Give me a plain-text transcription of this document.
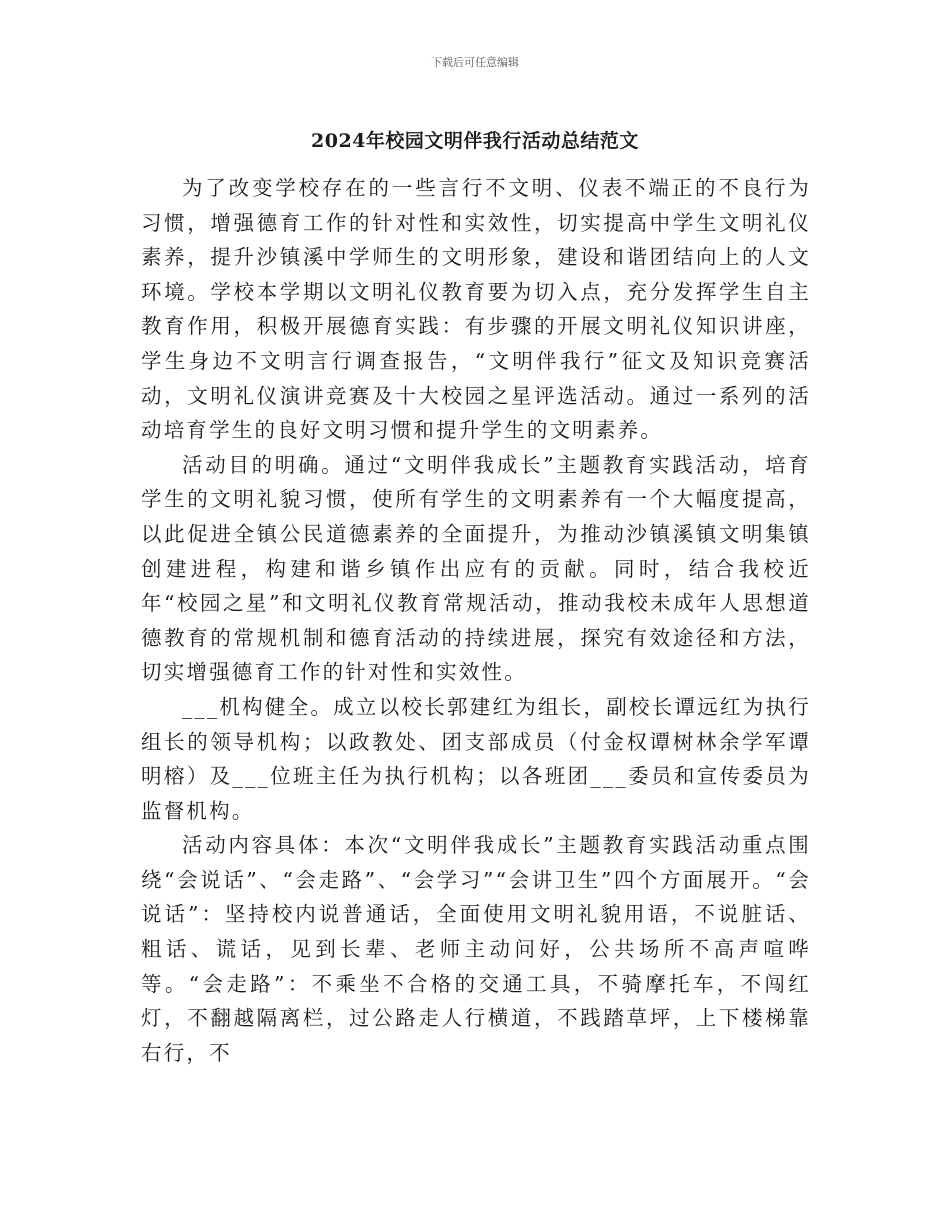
下载后可任意编辑
2024年校园文明伴我行活动总结范文

为了改变学校存在的一些言行不文明、仪表不端正的不良行为习惯，增强德育工作的针对性和实效性，切实提高中学生文明礼仪素养，提升沙镇溪中学师生的文明形象，建设和谐团结向上的人文环境。学校本学期以文明礼仪教育要为切入点，充分发挥学生自主教育作用，积极开展德育实践：有步骤的开展文明礼仪知识讲座，学生身边不文明言行调查报告，“文明伴我行”征文及知识竞赛活动，文明礼仪演讲竞赛及十大校园之星评选活动。通过一系列的活动培育学生的良好文明习惯和提升学生的文明素养。

活动目的明确。通过“文明伴我成长”主题教育实践活动，培育学生的文明礼貌习惯，使所有学生的文明素养有一个大幅度提高，以此促进全镇公民道德素养的全面提升，为推动沙镇溪镇文明集镇创建进程，构建和谐乡镇作出应有的贡献。同时，结合我校近年“校园之星”和文明礼仪教育常规活动，推动我校未成年人思想道德教育的常规机制和德育活动的持续进展，探究有效途径和方法，切实增强德育工作的针对性和实效性。

___机构健全。成立以校长郭建红为组长，副校长谭远红为执行组长的领导机构；以政教处、团支部成员（付金权谭树林余学军谭明榕）及___位班主任为执行机构；以各班团___委员和宣传委员为监督机构。

活动内容具体：本次“文明伴我成长”主题教育实践活动重点围绕“会说话”、“会走路”、“会学习”“会讲卫生”四个方面展开。“会说话”：坚持校内说普通话，全面使用文明礼貌用语，不说脏话、粗话、谎话，见到长辈、老师主动问好，公共场所不高声喧哗等。“会走路”：不乘坐不合格的交通工具，不骑摩托车，不闯红灯，不翻越隔离栏，过公路走人行横道，不践踏草坪，上下楼梯靠右行，不
